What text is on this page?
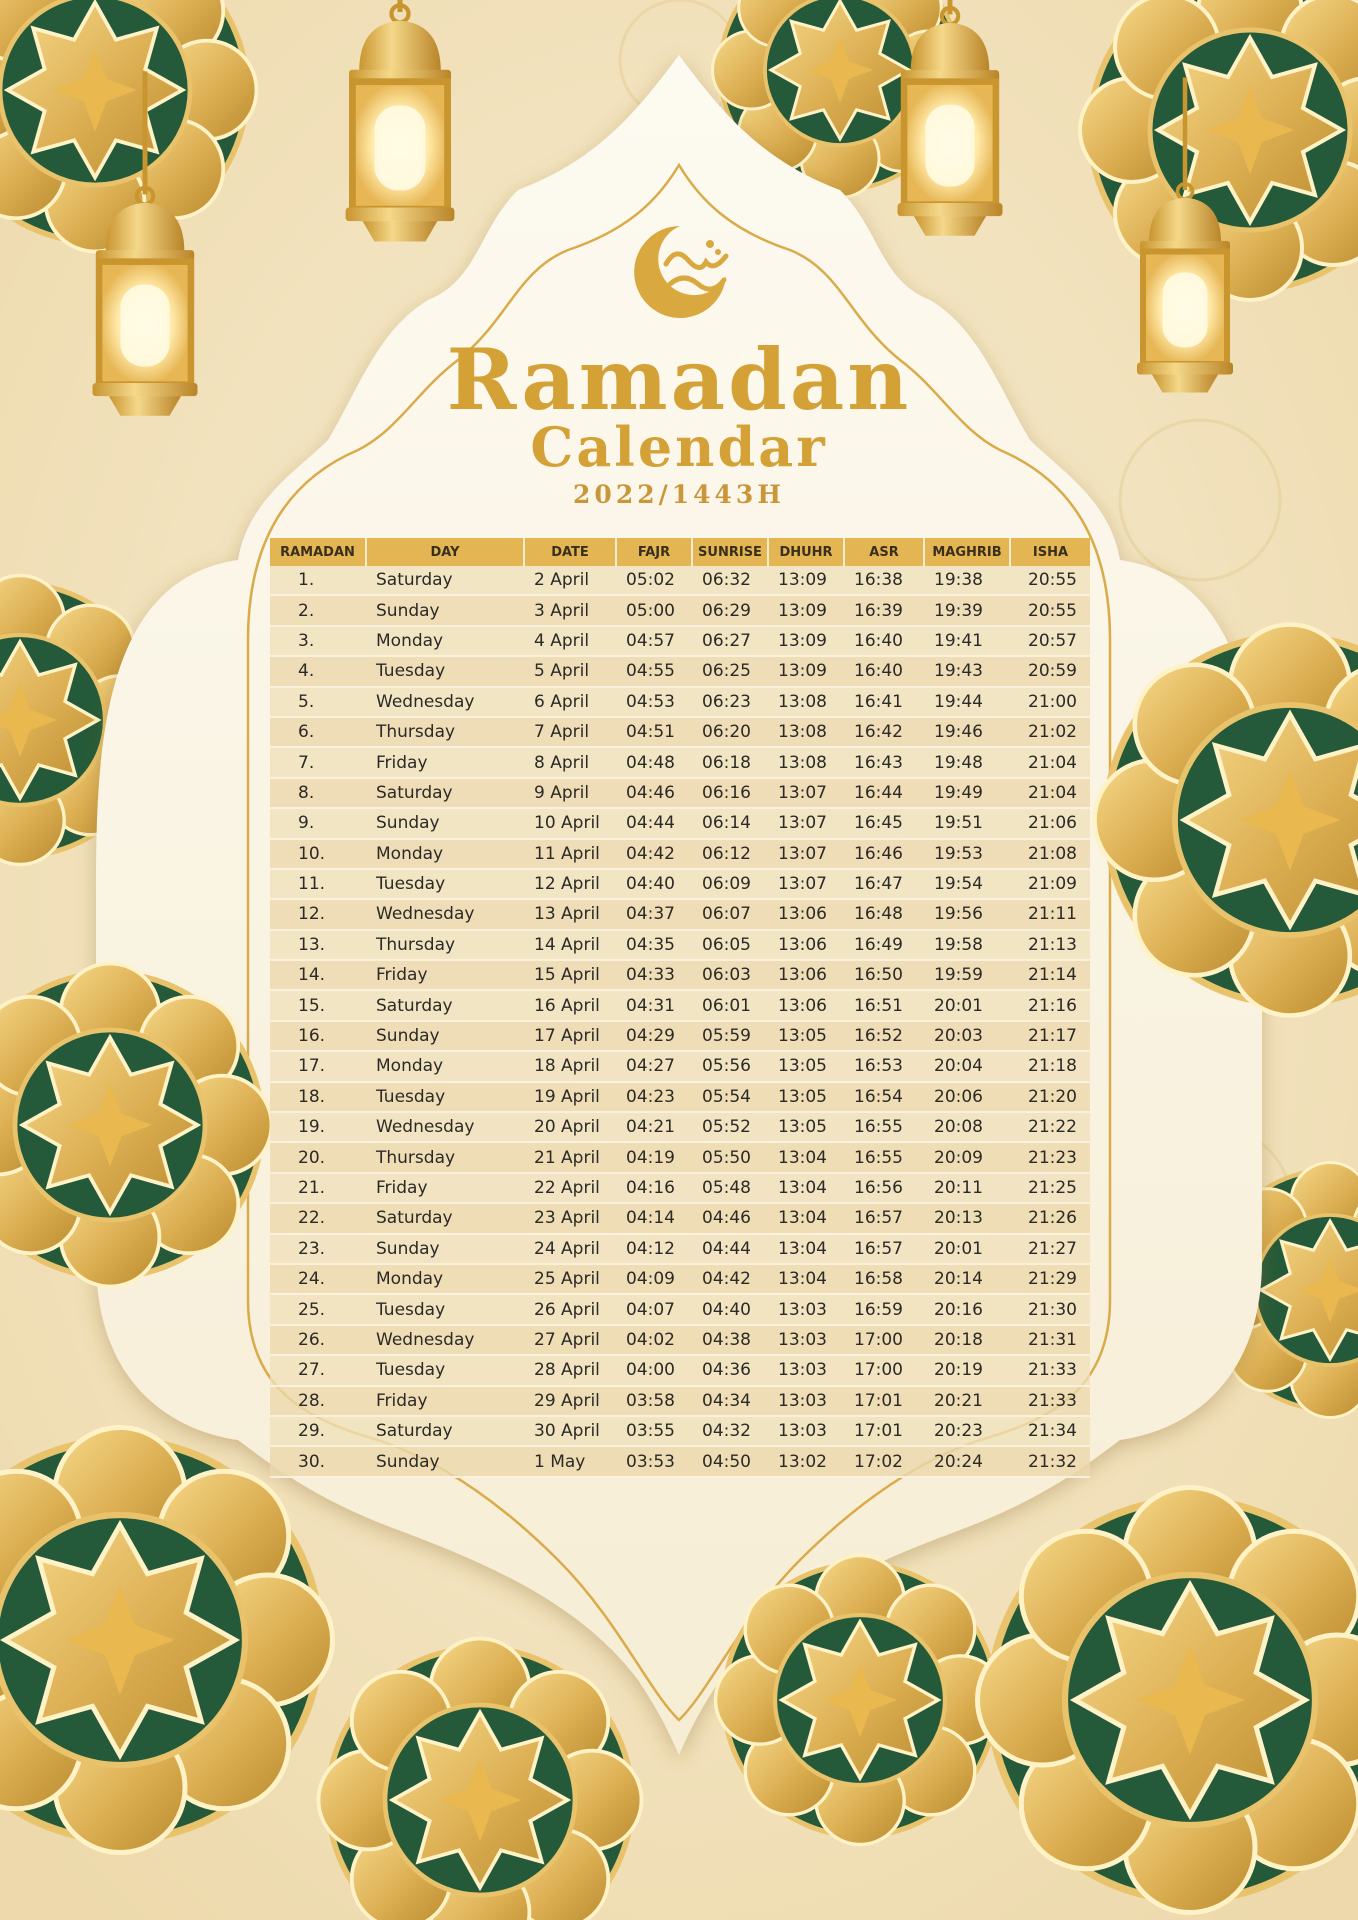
Ramadan
Calendar
2022/1443H
RAMADAN	DAY	DATE	FAJR	SUNRISE	DHUHR	ASR	MAGHRIB	ISHA
1.	Saturday	2 April	05:02	06:32	13:09	16:38	19:38	20:55
2.	Sunday	3 April	05:00	06:29	13:09	16:39	19:39	20:55
3.	Monday	4 April	04:57	06:27	13:09	16:40	19:41	20:57
4.	Tuesday	5 April	04:55	06:25	13:09	16:40	19:43	20:59
5.	Wednesday	6 April	04:53	06:23	13:08	16:41	19:44	21:00
6.	Thursday	7 April	04:51	06:20	13:08	16:42	19:46	21:02
7.	Friday	8 April	04:48	06:18	13:08	16:43	19:48	21:04
8.	Saturday	9 April	04:46	06:16	13:07	16:44	19:49	21:04
9.	Sunday	10 April	04:44	06:14	13:07	16:45	19:51	21:06
10.	Monday	11 April	04:42	06:12	13:07	16:46	19:53	21:08
11.	Tuesday	12 April	04:40	06:09	13:07	16:47	19:54	21:09
12.	Wednesday	13 April	04:37	06:07	13:06	16:48	19:56	21:11
13.	Thursday	14 April	04:35	06:05	13:06	16:49	19:58	21:13
14.	Friday	15 April	04:33	06:03	13:06	16:50	19:59	21:14
15.	Saturday	16 April	04:31	06:01	13:06	16:51	20:01	21:16
16.	Sunday	17 April	04:29	05:59	13:05	16:52	20:03	21:17
17.	Monday	18 April	04:27	05:56	13:05	16:53	20:04	21:18
18.	Tuesday	19 April	04:23	05:54	13:05	16:54	20:06	21:20
19.	Wednesday	20 April	04:21	05:52	13:05	16:55	20:08	21:22
20.	Thursday	21 April	04:19	05:50	13:04	16:55	20:09	21:23
21.	Friday	22 April	04:16	05:48	13:04	16:56	20:11	21:25
22.	Saturday	23 April	04:14	04:46	13:04	16:57	20:13	21:26
23.	Sunday	24 April	04:12	04:44	13:04	16:57	20:01	21:27
24.	Monday	25 April	04:09	04:42	13:04	16:58	20:14	21:29
25.	Tuesday	26 April	04:07	04:40	13:03	16:59	20:16	21:30
26.	Wednesday	27 April	04:02	04:38	13:03	17:00	20:18	21:31
27.	Tuesday	28 April	04:00	04:36	13:03	17:00	20:19	21:33
28.	Friday	29 April	03:58	04:34	13:03	17:01	20:21	21:33
29.	Saturday	30 April	03:55	04:32	13:03	17:01	20:23	21:34
30.	Sunday	1 May	03:53	04:50	13:02	17:02	20:24	21:32
